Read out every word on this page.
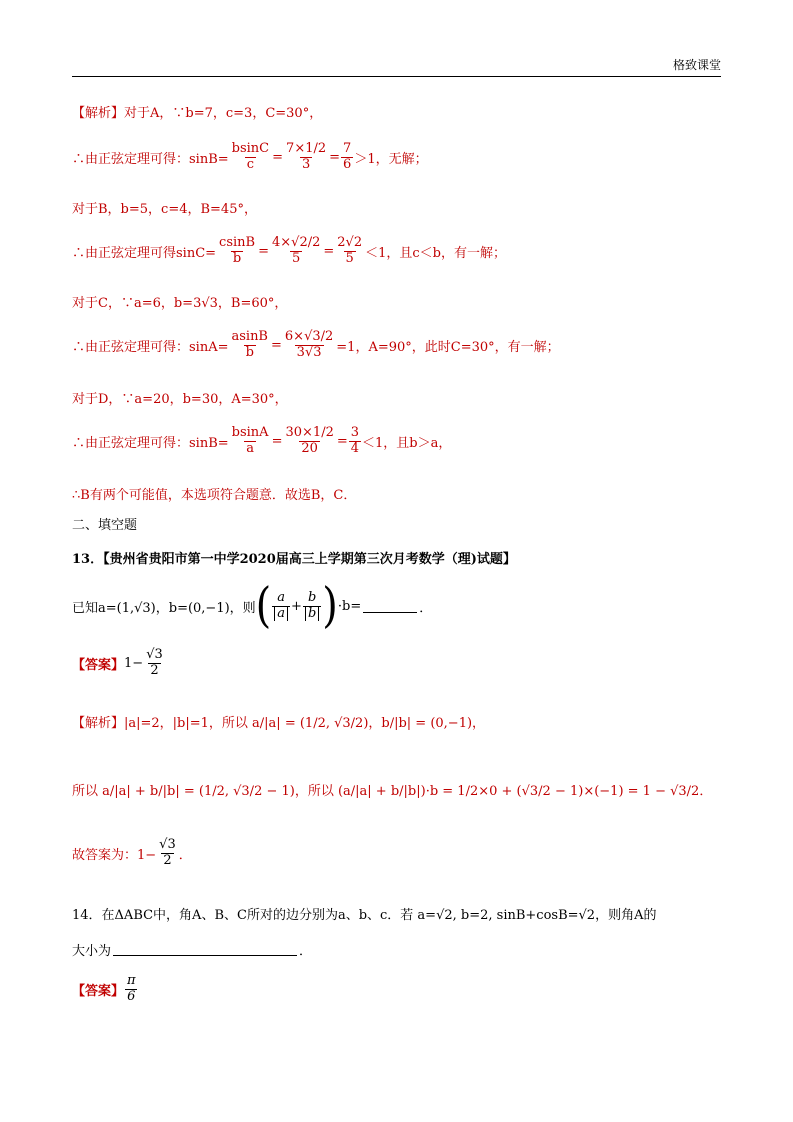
格致课堂
【解析】对于A，∵b=7，c=3，C=30°，
∴由正弦定理可得：$\sin B= \frac{bsinC}{c} = \frac{7\times 1/2}{3} = \frac{7}{6} >1$，无解；
对于B，b=5，c=4，B=45°，
∴由正弦定理可得$\sin C= \frac{csinB}{b} = \frac{4\times√2/2}{5} = \frac{2√2}{5} <1$，且c＜b，有一解；
对于C，∵a=6，b=3√3，B=60°，
∴由正弦定理可得：$\sin A= \frac{asinB}{b} = \frac{6\times√3/2}{3√3} =1$，A=90°，此时C=30°，有一解；
对于D，∵a=20，b=30，A=30°，
∴由正弦定理可得：$\sin B= \frac{bsinA}{a} = \frac{30\times 1/2}{20} = \frac{3}{4} <1$，且b＞a，
∴B有两个可能值，本选项符合题意．故选B，C．
二、填空题
13．【贵州省贵阳市第一中学2020届高三上学期第三次月考数学（理)试题】
已知a=(1,√3)，b=(0,−1)，则 ( $\frac{a}{a} + \frac{b}{b}$ ) ·b=	．
【答案】 $1- \frac{√3}{2}$
【解析】|a|=2，|b|=1，所以 a/|a| = (1/2, √3/2)，b/|b| = (0,−1)，
所以 a/|a| + b/|b| = (1/2, √3/2 − 1)，所以 (a/|a| + b/|b|)·b = 1/2×0 + (√3/2 − 1)×(−1) = 1 − √3/2．
故答案为：$1- \frac{√3}{2}$ ．
14．在ΔABC中，角A、B、C所对的边分别为a、b、c．若 a=√2, b=2, sinB+cosB=√2，则角A的
大小为	．
【答案】 $\frac{\pi}{6}$
